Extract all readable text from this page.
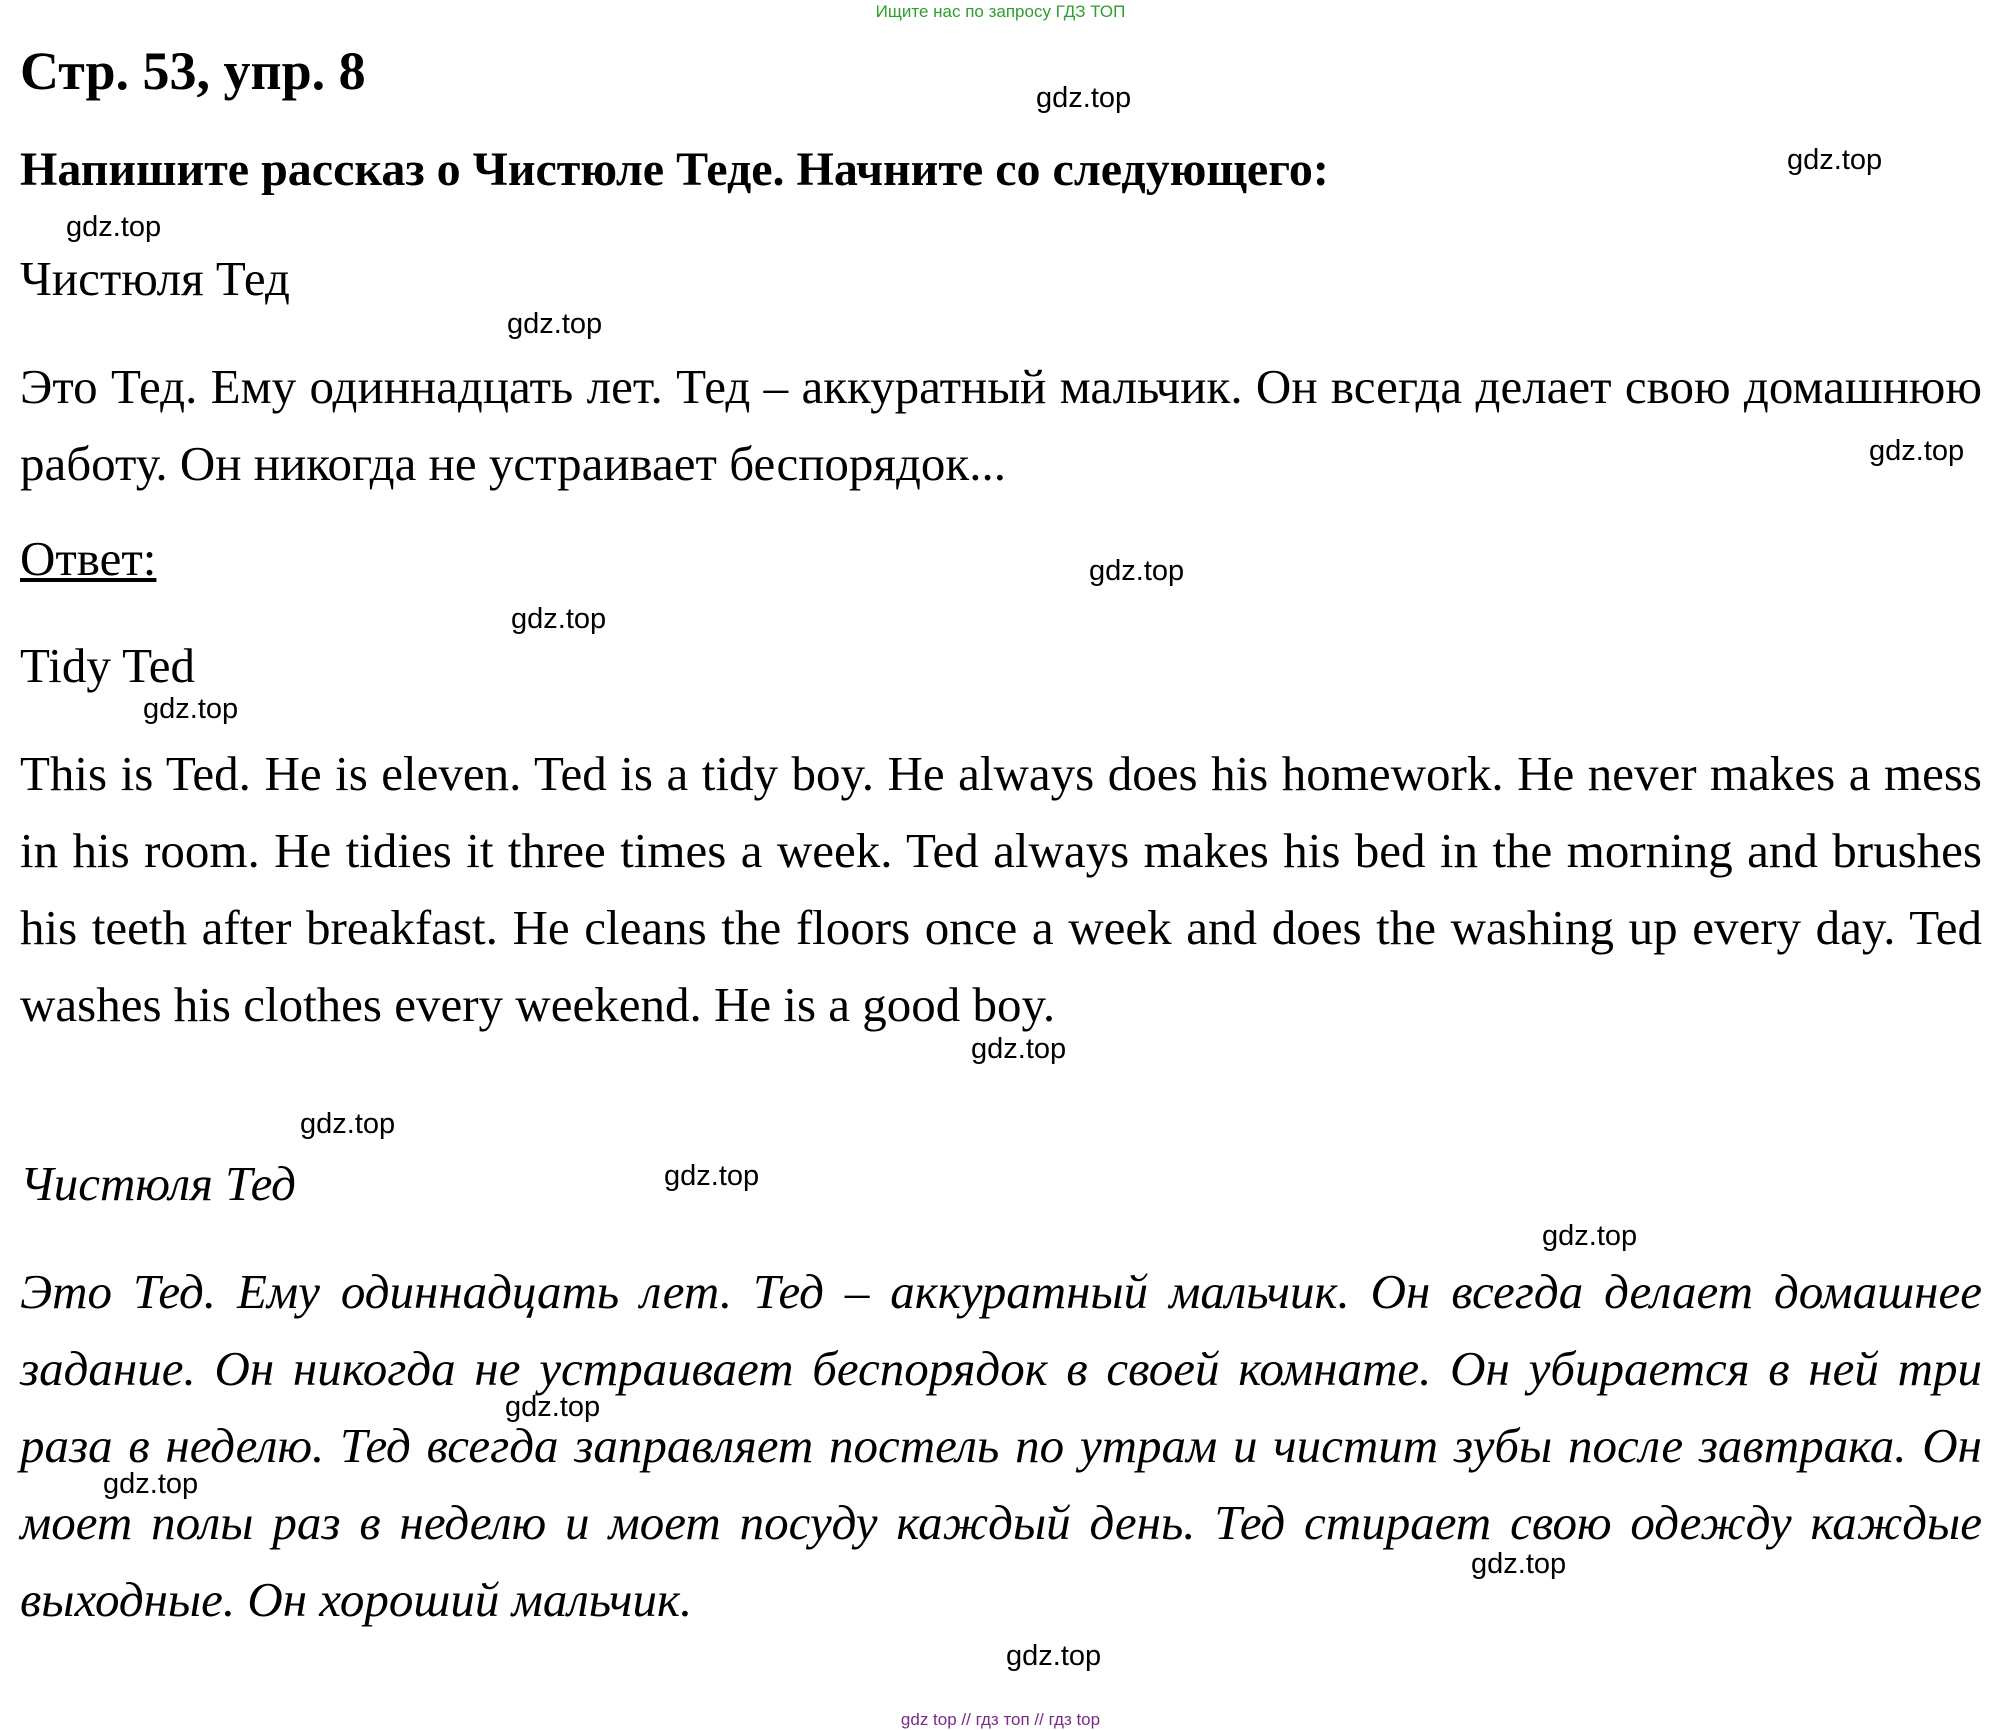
Ищите нас по запросу ГДЗ ТОП
Стр. 53, упр. 8
Напишите рассказ о Чистюле Теде. Начните со следующего:
Чистюля Тед
Это Тед. Ему одиннадцать лет. Тед – аккуратный мальчик. Он всегда делает свою домашнюю работу. Он никогда не устраивает беспорядок...
Ответ:
Tidy Ted
This is Ted. He is eleven. Ted is a tidy boy. He always does his homework. He never makes a mess in his room. He tidies it three times a week. Ted always makes his bed in the morning and brushes his teeth after breakfast. He cleans the floors once a week and does the washing up every day. Ted washes his clothes every weekend. He is a good boy.
Чистюля Тед
Это Тед. Ему одиннадцать лет. Тед – аккуратный мальчик. Он всегда делает домашнее задание. Он никогда не устраивает беспорядок в своей комнате. Он убирается в ней три раза в неделю. Тед всегда заправляет постель по утрам и чистит зубы после завтрака. Он моет полы раз в неделю и моет посуду каждый день. Тед стирает свою одежду каждые выходные. Он хороший мальчик.
gdz.top
gdz.top
gdz.top
gdz.top
gdz.top
gdz.top
gdz.top
gdz.top
gdz.top
gdz.top
gdz.top
gdz.top
gdz.top
gdz.top
gdz.top
gdz.top
gdz top // гдз топ // гдз top
